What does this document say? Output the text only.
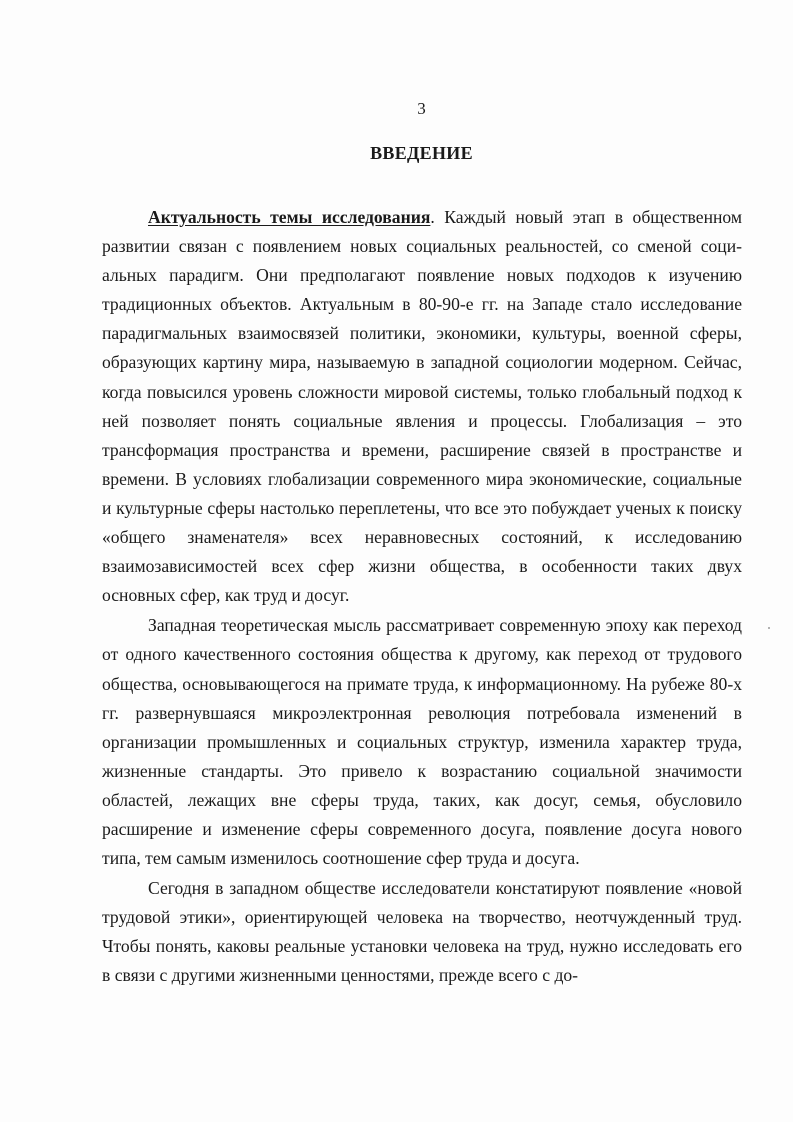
3
ВВЕДЕНИЕ

Актуальность темы исследования. Каждый новый этап в общественном развитии связан с появлением новых социальных реальностей, со сменой социальных парадигм. Они предполагают появление новых подходов к изучению традиционных объектов. Актуальным в 80-90-е гг. на Западе стало исследование парадигмальных взаимосвязей политики, экономики, культуры, военной сферы, образующих картину мира, называемую в западной социологии модерном. Сейчас, когда повысился уровень сложности мировой системы, только глобальный подход к ней позволяет понять социальные явления и процессы. Глобализация – это трансформация пространства и времени, расширение связей в пространстве и времени. В условиях глобализации современного мира экономические, социальные и культурные сферы настолько переплетены, что все это побуждает ученых к поиску «общего знаменателя» всех неравновесных состояний, к исследованию взаимозависимостей всех сфер жизни общества, в особенности таких двух основных сфер, как труд и досуг.

Западная теоретическая мысль рассматривает современную эпоху как переход от одного качественного состояния общества к другому, как переход от трудового общества, основывающегося на примате труда, к информационному. На рубеже 80-х гг. развернувшаяся микроэлектронная революция потребовала изменений в организации промышленных и социальных структур, изменила характер труда, жизненные стандарты. Это привело к возрастанию социальной значимости областей, лежащих вне сферы труда, таких, как досуг, семья, обусловило расширение и изменение сферы современного досуга, появление досуга нового типа, тем самым изменилось соотношение сфер труда и досуга.

Сегодня в западном обществе исследователи констатируют появление «новой трудовой этики», ориентирующей человека на творчество, неотчужденный труд. Чтобы понять, каковы реальные установки человека на труд, нужно исследовать его в связи с другими жизненными ценностями, прежде всего с до-
